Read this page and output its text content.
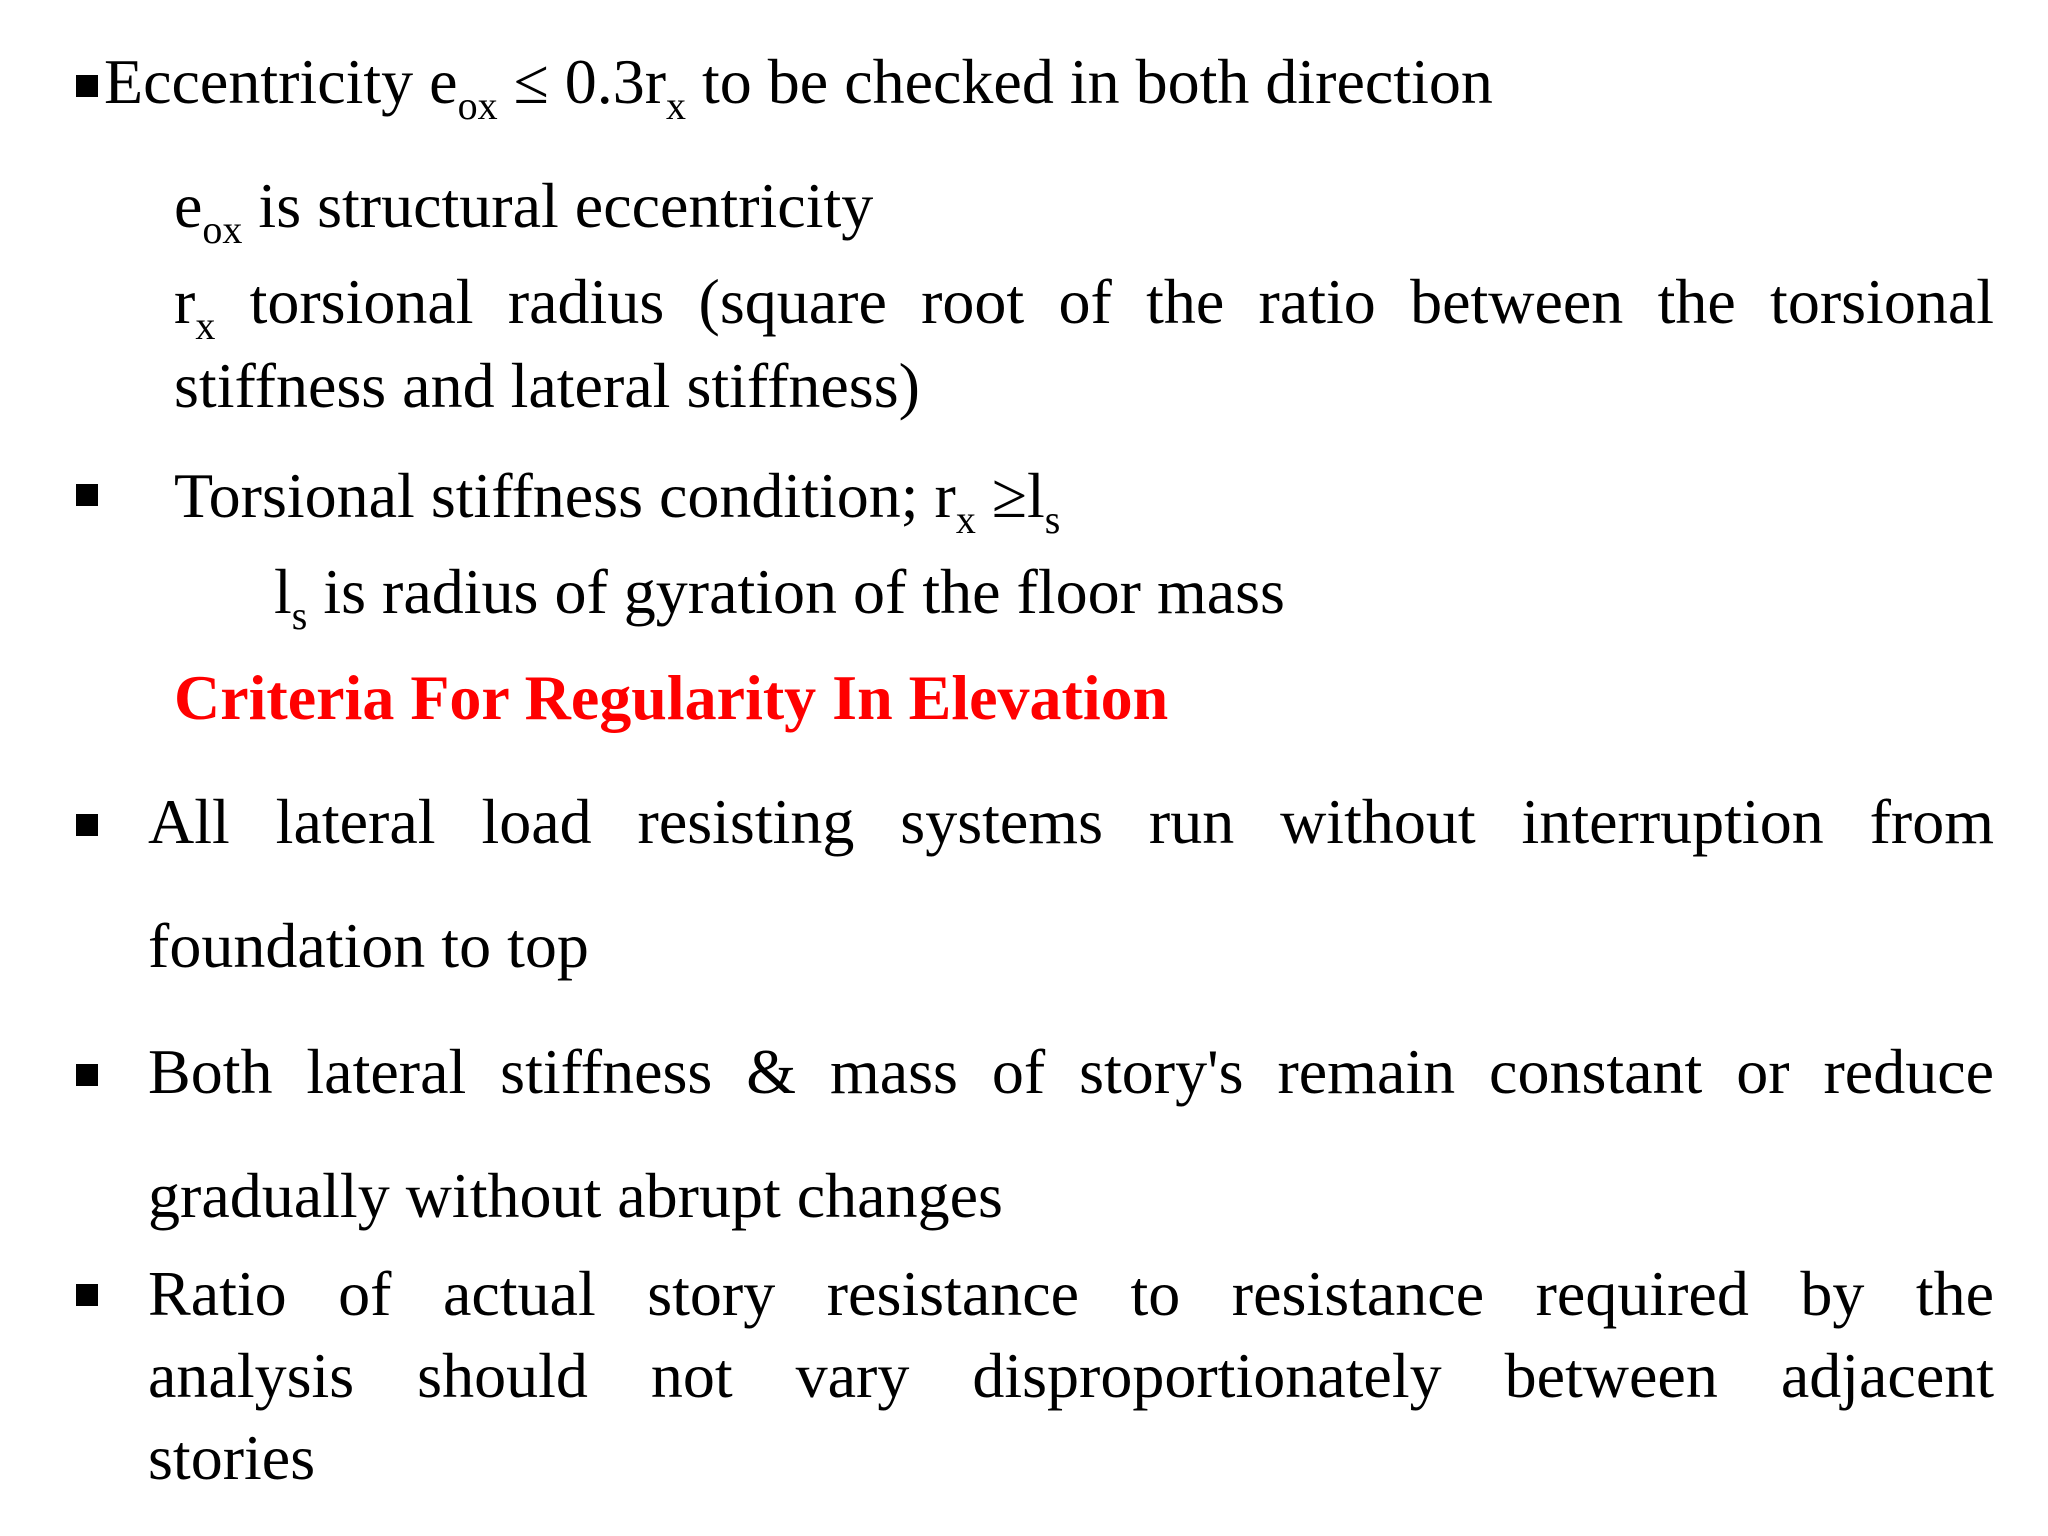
Eccentricity $e_{ox} \le 0.3r_x$ to be checked in both direction
$e_{ox}$ is structural eccentricity
$r_x$ torsional radius (square root of the ratio between the torsional
stiffness and lateral stiffness)
Torsional stiffness condition; $r_x \ge l_s$
$l_s$ is radius of gyration of the floor mass
Criteria For Regularity In Elevation
All lateral load resisting systems run without interruption from
foundation to top
Both lateral stiffness & mass of story's remain constant or reduce
gradually without abrupt changes
Ratio of actual story resistance to resistance required by the
analysis should not vary disproportionately between adjacent
stories
